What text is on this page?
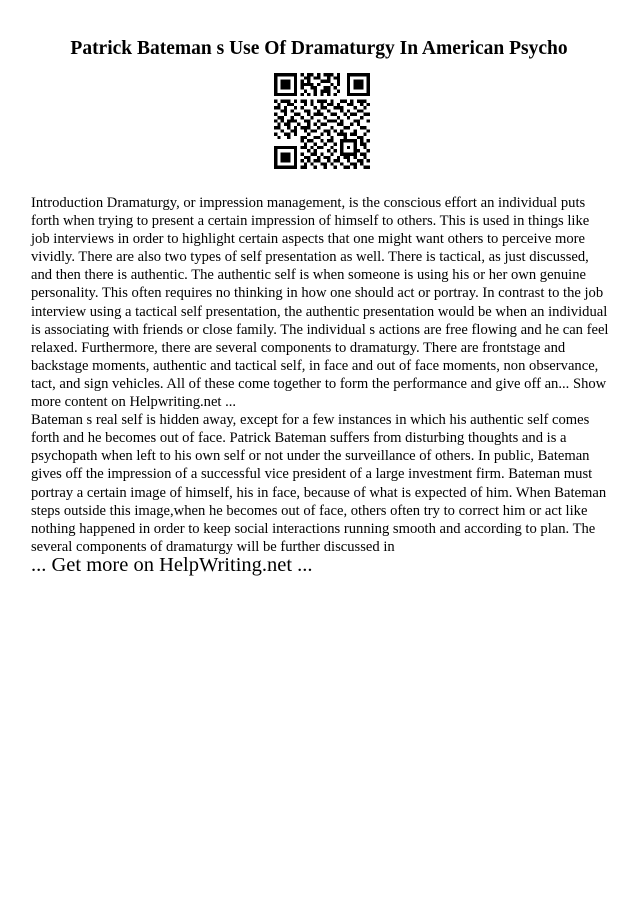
Patrick Bateman s Use Of Dramaturgy In American Psycho

Introduction Dramaturgy, or impression management, is the conscious effort an individual puts forth when trying to present a certain impression of himself to others. This is used in things like job interviews in order to highlight certain aspects that one might want others to perceive more vividly. There are also two types of self presentation as well. There is tactical, as just discussed, and then there is authentic. The authentic self is when someone is using his or her own genuine personality. This often requires no thinking in how one should act or portray. In contrast to the job interview using a tactical self presentation, the authentic presentation would be when an individual is associating with friends or close family. The individual s actions are free flowing and he can feel relaxed. Furthermore, there are several components to dramaturgy. There are frontstage and backstage moments, authentic and tactical self, in face and out of face moments, non observance, tact, and sign vehicles. All of these come together to form the performance and give off an... Show more content on Helpwriting.net ...

Bateman s real self is hidden away, except for a few instances in which his authentic self comes forth and he becomes out of face. Patrick Bateman suffers from disturbing thoughts and is a psychopath when left to his own self or not under the surveillance of others. In public, Bateman gives off the impression of a successful vice president of a large investment firm. Bateman must portray a certain image of himself, his in face, because of what is expected of him. When Bateman steps outside this image,when he becomes out of face, others often try to correct him or act like nothing happened in order to keep social interactions running smooth and according to plan. The several components of dramaturgy will be further discussed in

... Get more on HelpWriting.net ...
